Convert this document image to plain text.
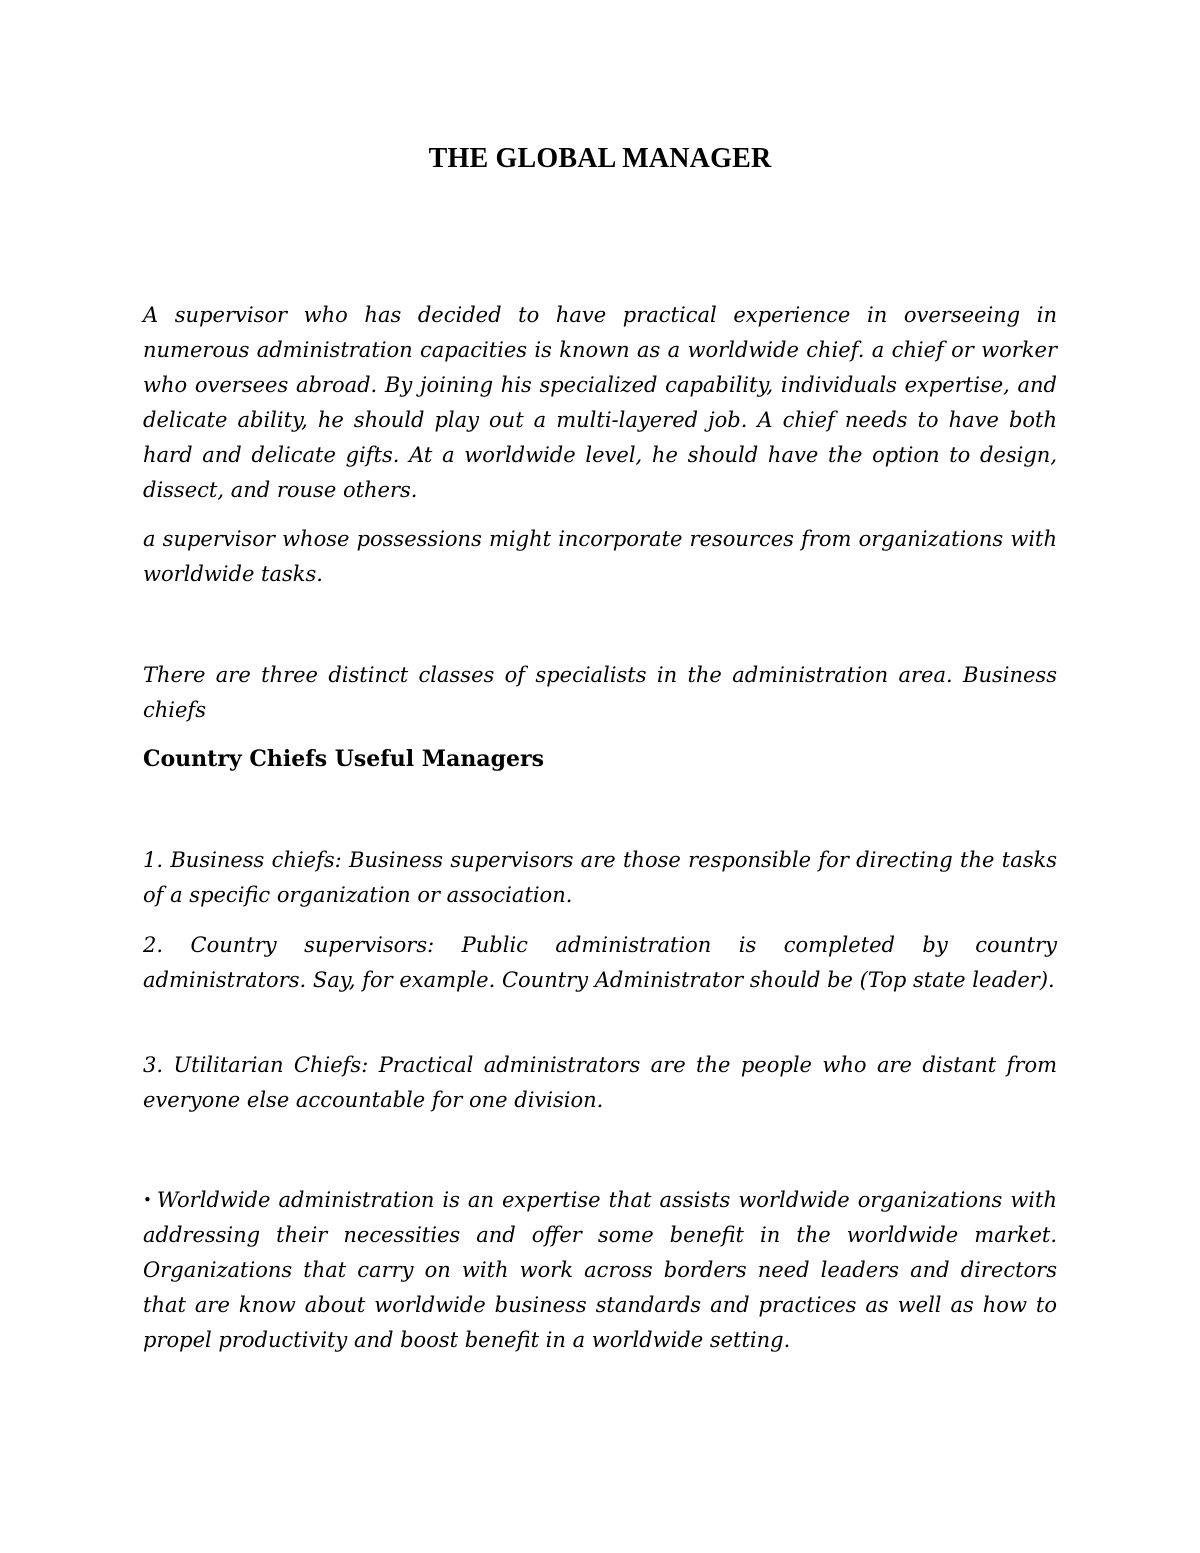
THE GLOBAL MANAGER

A supervisor who has decided to have practical experience in overseeing in numerous administration capacities is known as a worldwide chief. a chief or worker who oversees abroad. By joining his specialized capability, individuals expertise, and delicate ability, he should play out a multi-layered job. A chief needs to have both hard and delicate gifts. At a worldwide level, he should have the option to design, dissect, and rouse others.

a supervisor whose possessions might incorporate resources from organizations with worldwide tasks.

There are three distinct classes of specialists in the administration area. Business chiefs

Country Chiefs Useful Managers

1. Business chiefs: Business supervisors are those responsible for directing the tasks of a specific organization or association.

2. Country supervisors: Public administration is completed by country administrators. Say, for example. Country Administrator should be (Top state leader).

3. Utilitarian Chiefs: Practical administrators are the people who are distant from everyone else accountable for one division.

• Worldwide administration is an expertise that assists worldwide organizations with addressing their necessities and offer some benefit in the worldwide market. Organizations that carry on with work across borders need leaders and directors that are know about worldwide business standards and practices as well as how to propel productivity and boost benefit in a worldwide setting.
